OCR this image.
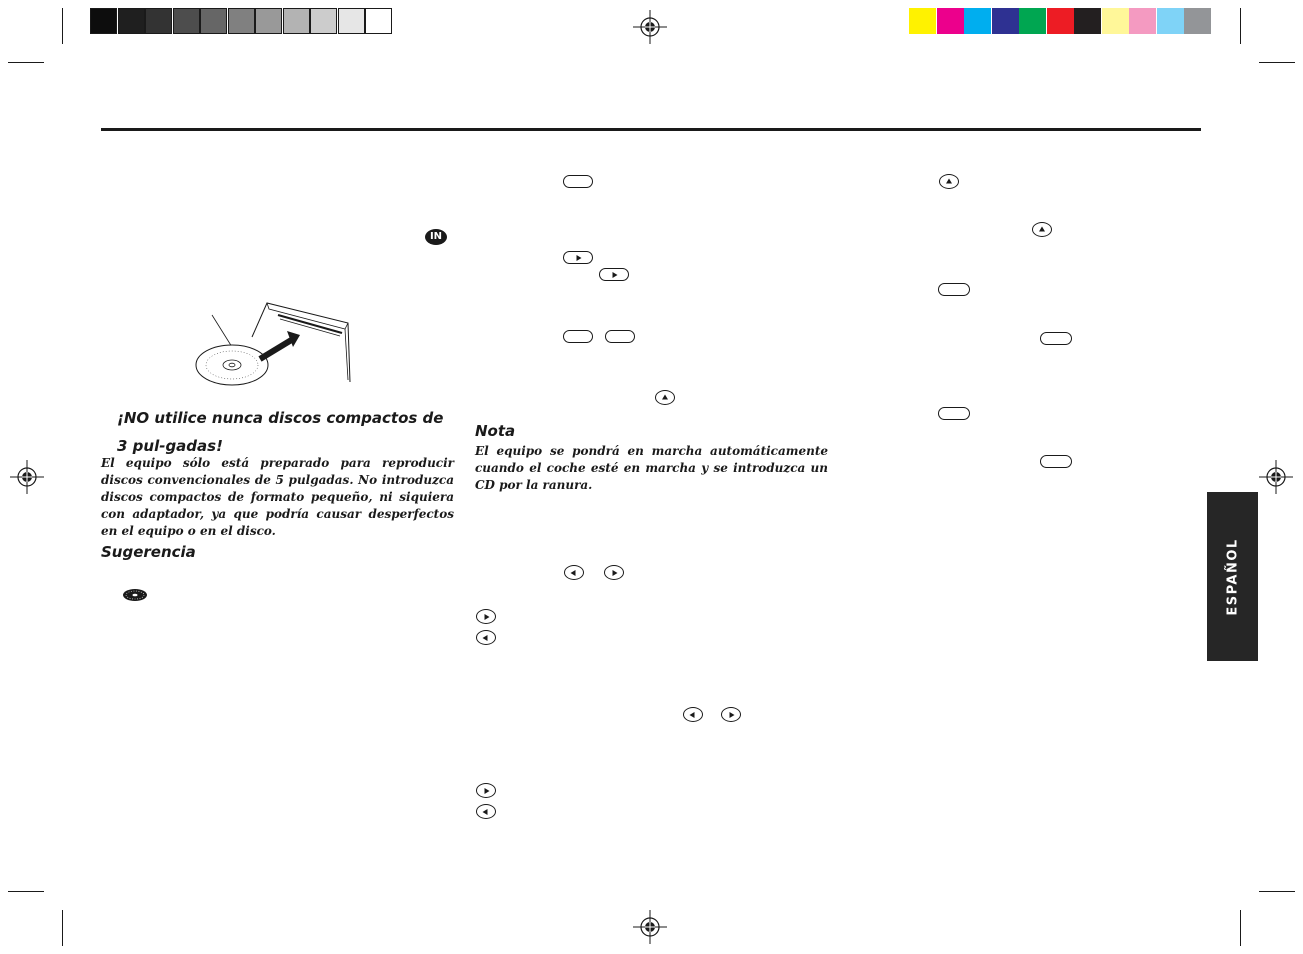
IN
¡NO utilice nunca discos compactos de 3 pul-gadas!
El equipo sólo está preparado para reproducir discos convencionales de 5 pulgadas. No introduzca discos compactos de formato pequeño, ni siquiera con adaptador, ya que podría causar desperfectos en el equipo o en el disco.
Sugerencia
Nota
El equipo se pondrá en marcha automáticamente cuando el coche esté en marcha y se introduzca un CD por la ranura.
ESPAÑOL
